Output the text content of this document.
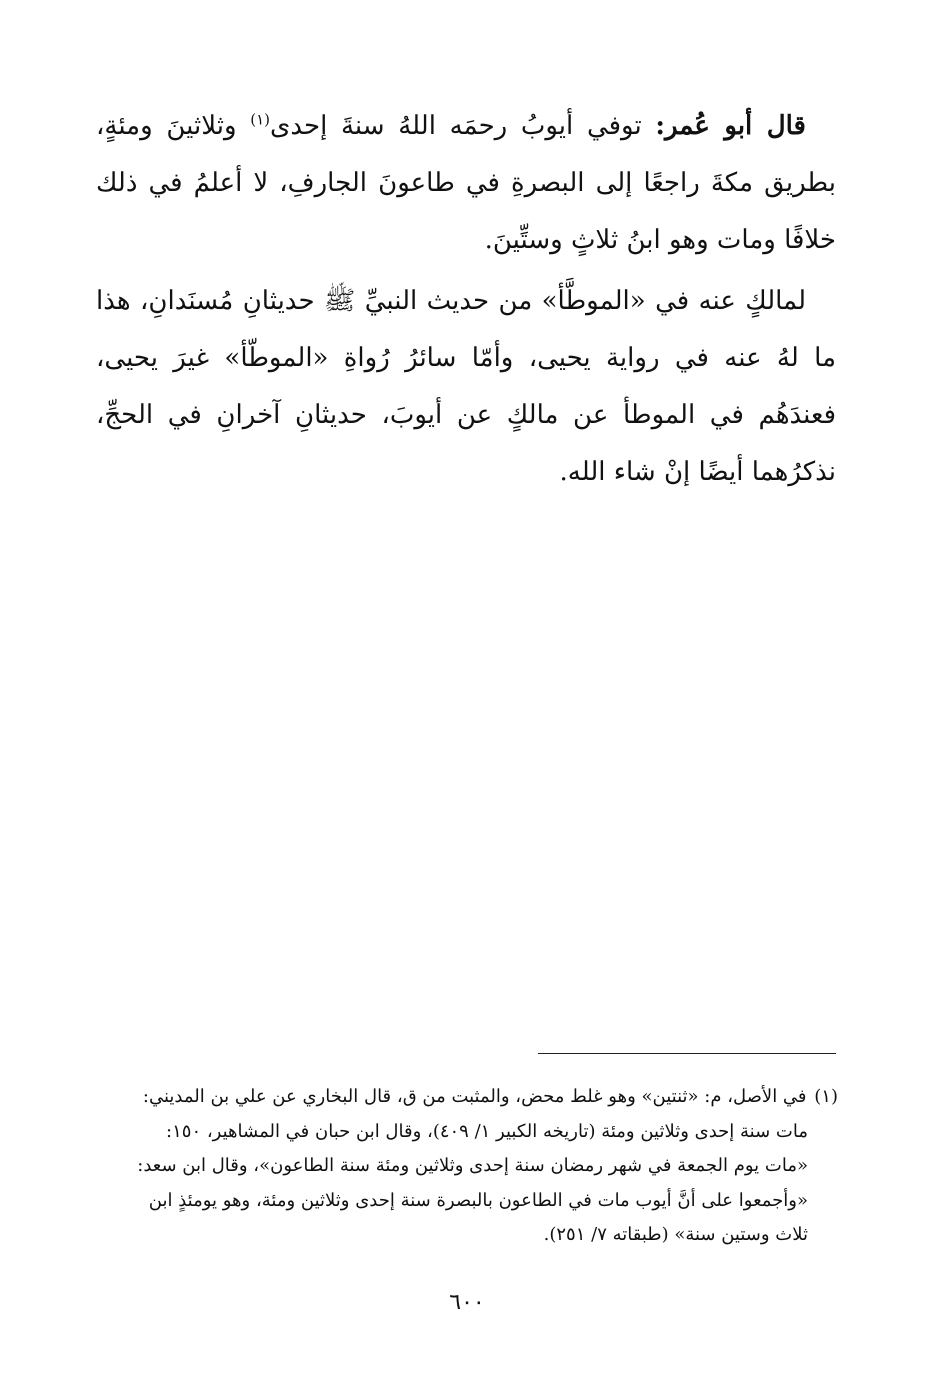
قال أبو عُمر: توفي أيوبُ رحمَه اللهُ سنةَ إحدى$^{(١)}$ وثلاثينَ ومئةٍ، بطريق مكةَ راجعًا إلى البصرةِ في طاعونَ الجارفِ، لا أعلمُ في ذلك خلافًا ومات وهو ابنُ ثلاثٍ وستِّينَ.

لمالكٍ عنه في «الموطَّأ» من حديث النبيِّ ﷺ حديثانِ مُسنَدانِ، هذا ما لهُ عنه في رواية يحيى، وأمّا سائرُ رُواةِ «الموطّأ» غيرَ يحيى، فعندَهُم في الموطأ عن مالكٍ عن أيوبَ، حديثانِ آخرانِ في الحجِّ، نذكرُهما أيضًا إنْ شاء الله.

(١) في الأصل، م: «ثنتين» وهو غلط محض، والمثبت من ق، قال البخاري عن علي بن المديني:
مات سنة إحدى وثلاثين ومئة (تاريخه الكبير ١/ ٤٠٩)، وقال ابن حبان في المشاهير، ١٥٠:
«مات يوم الجمعة في شهر رمضان سنة إحدى وثلاثين ومئة سنة الطاعون»، وقال ابن سعد:
«وأجمعوا على أنَّ أيوب مات في الطاعون بالبصرة سنة إحدى وثلاثين ومئة، وهو يومئذٍ ابن
ثلاث وستين سنة» (طبقاته ٧/ ٢٥١).

٦٠٠
